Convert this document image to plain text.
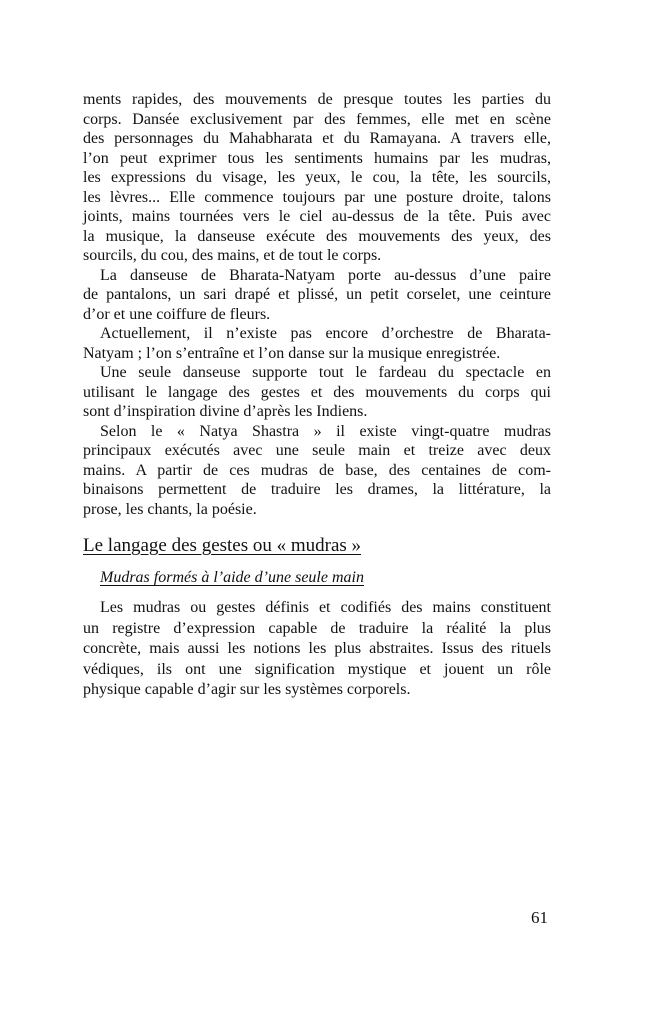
ments rapides, des mouvements de presque toutes les parties du
corps. Dansée exclusivement par des femmes, elle met en scène
des personnages du Mahabharata et du Ramayana. A travers elle,
l’on peut exprimer tous les sentiments humains par les mudras,
les expressions du visage, les yeux, le cou, la tête, les sourcils,
les lèvres... Elle commence toujours par une posture droite, talons
joints, mains tournées vers le ciel au-dessus de la tête. Puis avec
la musique, la danseuse exécute des mouvements des yeux, des
sourcils, du cou, des mains, et de tout le corps.
La danseuse de Bharata-Natyam porte au-dessus d’une paire
de pantalons, un sari drapé et plissé, un petit corselet, une ceinture
d’or et une coiffure de fleurs.
Actuellement, il n’existe pas encore d’orchestre de Bharata-
Natyam ; l’on s’entraîne et l’on danse sur la musique enregistrée.
Une seule danseuse supporte tout le fardeau du spectacle en
utilisant le langage des gestes et des mouvements du corps qui
sont d’inspiration divine d’après les Indiens.
Selon le « Natya Shastra » il existe vingt-quatre mudras
principaux exécutés avec une seule main et treize avec deux
mains. A partir de ces mudras de base, des centaines de com-
binaisons permettent de traduire les drames, la littérature, la
prose, les chants, la poésie.
Le langage des gestes ou « mudras »
Mudras formés à l’aide d’une seule main
Les mudras ou gestes définis et codifiés des mains constituent
un registre d’expression capable de traduire la réalité la plus
concrète, mais aussi les notions les plus abstraites. Issus des rituels
védiques, ils ont une signification mystique et jouent un rôle
physique capable d’agir sur les systèmes corporels.
61
